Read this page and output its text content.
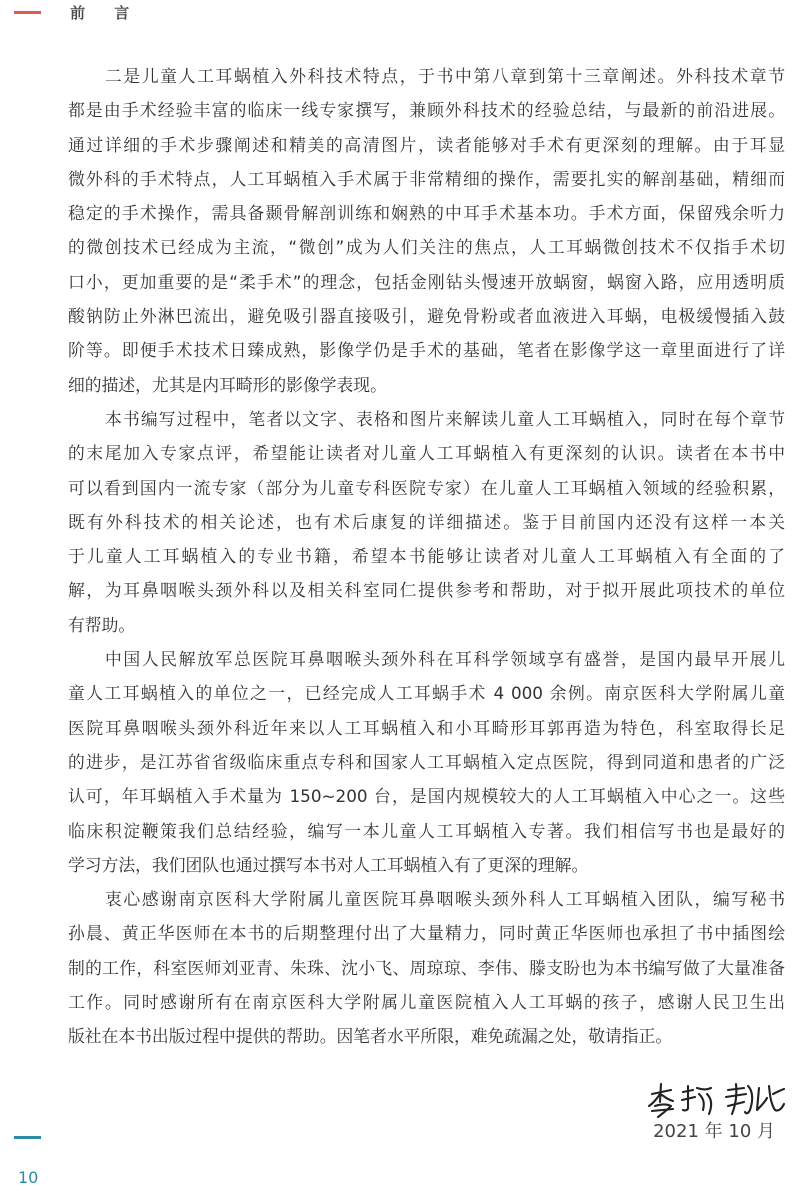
前 言
二是儿童人工耳蜗植入外科技术特点，于书中第八章到第十三章阐述。外科技术章节
都是由手术经验丰富的临床一线专家撰写，兼顾外科技术的经验总结，与最新的前沿进展。
通过详细的手术步骤阐述和精美的高清图片，读者能够对手术有更深刻的理解。由于耳显
微外科的手术特点，人工耳蜗植入手术属于非常精细的操作，需要扎实的解剖基础，精细而
稳定的手术操作，需具备颞骨解剖训练和娴熟的中耳手术基本功。手术方面，保留残余听力
的微创技术已经成为主流，“微创”成为人们关注的焦点，人工耳蜗微创技术不仅指手术切
口小，更加重要的是“柔手术”的理念，包括金刚钻头慢速开放蜗窗，蜗窗入路，应用透明质
酸钠防止外淋巴流出，避免吸引器直接吸引，避免骨粉或者血液进入耳蜗，电极缓慢插入鼓
阶等。即便手术技术日臻成熟，影像学仍是手术的基础，笔者在影像学这一章里面进行了详
细的描述，尤其是内耳畸形的影像学表现。
本书编写过程中，笔者以文字、表格和图片来解读儿童人工耳蜗植入，同时在每个章节
的末尾加入专家点评，希望能让读者对儿童人工耳蜗植入有更深刻的认识。读者在本书中
可以看到国内一流专家（部分为儿童专科医院专家）在儿童人工耳蜗植入领域的经验积累，
既有外科技术的相关论述，也有术后康复的详细描述。鉴于目前国内还没有这样一本关
于儿童人工耳蜗植入的专业书籍，希望本书能够让读者对儿童人工耳蜗植入有全面的了
解，为耳鼻咽喉头颈外科以及相关科室同仁提供参考和帮助，对于拟开展此项技术的单位
有帮助。
中国人民解放军总医院耳鼻咽喉头颈外科在耳科学领域享有盛誉，是国内最早开展儿
童人工耳蜗植入的单位之一，已经完成人工耳蜗手术 4 000 余例。南京医科大学附属儿童
医院耳鼻咽喉头颈外科近年来以人工耳蜗植入和小耳畸形耳郭再造为特色，科室取得长足
的进步，是江苏省省级临床重点专科和国家人工耳蜗植入定点医院，得到同道和患者的广泛
认可，年耳蜗植入手术量为 150~200 台，是国内规模较大的人工耳蜗植入中心之一。这些
临床积淀鞭策我们总结经验，编写一本儿童人工耳蜗植入专著。我们相信写书也是最好的
学习方法，我们团队也通过撰写本书对人工耳蜗植入有了更深的理解。
衷心感谢南京医科大学附属儿童医院耳鼻咽喉头颈外科人工耳蜗植入团队，编写秘书
孙晨、黄正华医师在本书的后期整理付出了大量精力，同时黄正华医师也承担了书中插图绘
制的工作，科室医师刘亚青、朱珠、沈小飞、周琼琼、李伟、滕支盼也为本书编写做了大量准备
工作。同时感谢所有在南京医科大学附属儿童医院植入人工耳蜗的孩子，感谢人民卫生出
版社在本书出版过程中提供的帮助。因笔者水平所限，难免疏漏之处，敬请指正。
2021 年 10 月
10
